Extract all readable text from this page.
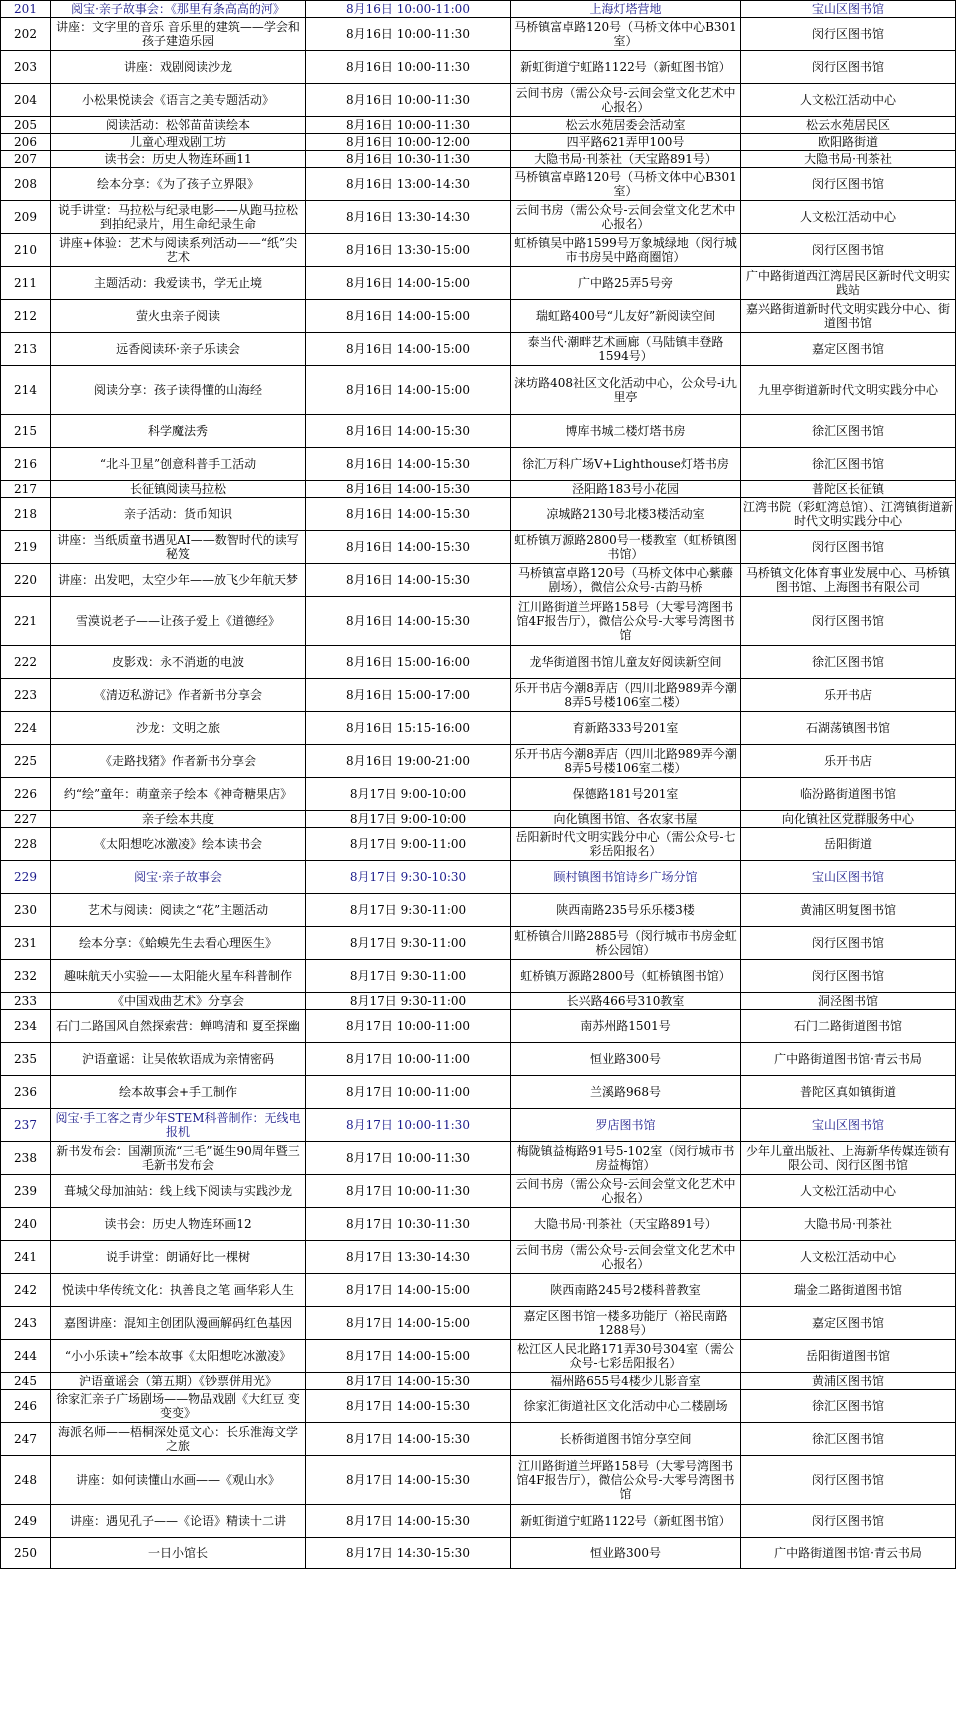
201	阅宝·亲子故事会：《那里有条高高的河》	8月16日 10:00-11:00	上海灯塔营地	宝山区图书馆
202	讲座：文字里的音乐 音乐里的建筑——学会和孩子建造乐园	8月16日 10:00-11:30	马桥镇富卓路120号（马桥文体中心B301室）	闵行区图书馆
203	讲座：戏剧阅读沙龙	8月16日 10:00-11:30	新虹街道宁虹路1122号（新虹图书馆）	闵行区图书馆
204	小松果悦读会《语言之美专题活动》	8月16日 10:00-11:30	云间书房（需公众号-云间会堂文化艺术中心报名）	人文松江活动中心
205	阅读活动：松邻苗苗读绘本	8月16日 10:00-11:30	松云水苑居委会活动室	松云水苑居民区
206	儿童心理戏剧工坊	8月16日 10:00-12:00	四平路621弄甲100号	欧阳路街道
207	读书会：历史人物连环画11	8月16日 10:30-11:30	大隐书局·刊茶社（天宝路891号）	大隐书局·刊茶社
208	绘本分享：《为了孩子立界限》	8月16日 13:00-14:30	马桥镇富卓路120号（马桥文体中心B301室）	闵行区图书馆
209	说手讲堂：马拉松与纪录电影——从跑马拉松到拍纪录片，用生命纪录生命	8月16日 13:30-14:30	云间书房（需公众号-云间会堂文化艺术中心报名）	人文松江活动中心
210	讲座+体验：艺术与阅读系列活动——“纸”尖艺术	8月16日 13:30-15:00	虹桥镇吴中路1599号万象城绿地（闵行城市书房吴中路商圈馆）	闵行区图书馆
211	主题活动：我爱读书，学无止境	8月16日 14:00-15:00	广中路25弄5号旁	广中路街道西江湾居民区新时代文明实践站
212	萤火虫亲子阅读	8月16日 14:00-15:00	瑞虹路400号“儿友好”新阅读空间	嘉兴路街道新时代文明实践分中心、街道图书馆
213	远香阅读环·亲子乐读会	8月16日 14:00-15:00	泰当代·潮畔艺术画廊（马陆镇丰登路1594号）	嘉定区图书馆
214	阅读分享：孩子读得懂的山海经	8月16日 14:00-15:00	涞坊路408社区文化活动中心，公众号-i九里亭	九里亭街道新时代文明实践分中心
215	科学魔法秀	8月16日 14:00-15:30	博库书城二楼灯塔书房	徐汇区图书馆
216	“北斗卫星”创意科普手工活动	8月16日 14:00-15:30	徐汇万科广场V+Lighthouse灯塔书房	徐汇区图书馆
217	长征镇阅读马拉松	8月16日 14:00-15:30	泾阳路183号小花园	普陀区长征镇
218	亲子活动：货币知识	8月16日 14:00-15:30	凉城路2130号北楼3楼活动室	江湾书院（彩虹湾总馆）、江湾镇街道新时代文明实践分中心
219	讲座：当纸质童书遇见AI——数智时代的读写秘笈	8月16日 14:00-15:30	虹桥镇万源路2800号一楼教室（虹桥镇图书馆）	闵行区图书馆
220	讲座：出发吧，太空少年——放飞少年航天梦	8月16日 14:00-15:30	马桥镇富卓路120号（马桥文体中心紫藤剧场），微信公众号-古韵马桥	马桥镇文化体育事业发展中心、马桥镇图书馆、上海图书有限公司
221	雪漠说老子——让孩子爱上《道德经》	8月16日 14:00-15:30	江川路街道兰坪路158号（大零号湾图书馆4F报告厅），微信公众号-大零号湾图书馆	闵行区图书馆
222	皮影戏：永不消逝的电波	8月16日 15:00-16:00	龙华街道图书馆儿童友好阅读新空间	徐汇区图书馆
223	《清迈私游记》作者新书分享会	8月16日 15:00-17:00	乐开书店今潮8弄店（四川北路989弄今潮8弄5号楼106室二楼）	乐开书店
224	沙龙：文明之旅	8月16日 15:15-16:00	育新路333号201室	石湖荡镇图书馆
225	《走路找猪》作者新书分享会	8月16日 19:00-21:00	乐开书店今潮8弄店（四川北路989弄今潮8弄5号楼106室二楼）	乐开书店
226	约“绘”童年：萌童亲子绘本《神奇糖果店》	8月17日 9:00-10:00	保德路181号201室	临汾路街道图书馆
227	亲子绘本共度	8月17日 9:00-10:00	向化镇图书馆、各农家书屋	向化镇社区党群服务中心
228	《太阳想吃冰激凌》绘本读书会	8月17日 9:00-11:00	岳阳新时代文明实践分中心（需公众号-七彩岳阳报名）	岳阳街道
229	阅宝·亲子故事会	8月17日 9:30-10:30	顾村镇图书馆诗乡广场分馆	宝山区图书馆
230	艺术与阅读：阅读之“花”主题活动	8月17日 9:30-11:00	陕西南路235号乐乐楼3楼	黄浦区明复图书馆
231	绘本分享：《蛤蟆先生去看心理医生》	8月17日 9:30-11:00	虹桥镇合川路2885号（闵行城市书房金虹桥公园馆）	闵行区图书馆
232	趣味航天小实验——太阳能火星车科普制作	8月17日 9:30-11:00	虹桥镇万源路2800号（虹桥镇图书馆）	闵行区图书馆
233	《中国戏曲艺术》分享会	8月17日 9:30-11:00	长兴路466号310教室	洞泾图书馆
234	石门二路国风自然探索营：蝉鸣清和 夏至探幽	8月17日 10:00-11:00	南苏州路1501号	石门二路街道图书馆
235	沪语童谣：让吴侬软语成为亲情密码	8月17日 10:00-11:00	恒业路300号	广中路街道图书馆·青云书局
236	绘本故事会+手工制作	8月17日 10:00-11:00	兰溪路968号	普陀区真如镇街道
237	阅宝·手工客之青少年STEM科普制作：无线电报机	8月17日 10:00-11:30	罗店图书馆	宝山区图书馆
238	新书发布会：国潮顶流“三毛”诞生90周年暨三毛新书发布会	8月17日 10:00-11:30	梅陇镇益梅路91号5-102室（闵行城市书房益梅馆）	少年儿童出版社、上海新华传媒连锁有限公司、闵行区图书馆
239	葺城父母加油站：线上线下阅读与实践沙龙	8月17日 10:00-11:30	云间书房（需公众号-云间会堂文化艺术中心报名）	人文松江活动中心
240	读书会：历史人物连环画12	8月17日 10:30-11:30	大隐书局·刊茶社（天宝路891号）	大隐书局·刊茶社
241	说手讲堂：朗诵好比一棵树	8月17日 13:30-14:30	云间书房（需公众号-云间会堂文化艺术中心报名）	人文松江活动中心
242	悦读中华传统文化：执善良之笔 画华彩人生	8月17日 14:00-15:00	陕西南路245号2楼科普教室	瑞金二路街道图书馆
243	嘉图讲座：混知主创团队漫画解码红色基因	8月17日 14:00-15:00	嘉定区图书馆一楼多功能厅（裕民南路1288号）	嘉定区图书馆
244	“小小乐读+”绘本故事《太阳想吃冰激凌》	8月17日 14:00-15:00	松江区人民北路171弄30号304室（需公众号-七彩岳阳报名）	岳阳街道图书馆
245	沪语童谣会（第五期）《钞票併用光》	8月17日 14:00-15:30	福州路655号4楼少儿影音室	黄浦区图书馆
246	徐家汇亲子广场剧场——物品戏剧《大红豆 变变变》	8月17日 14:00-15:30	徐家汇街道社区文化活动中心二楼剧场	徐汇区图书馆
247	海派名师——梧桐深处觅文心：长乐淮海文学之旅	8月17日 14:00-15:30	长桥街道图书馆分享空间	徐汇区图书馆
248	讲座：如何读懂山水画——《观山水》	8月17日 14:00-15:30	江川路街道兰坪路158号（大零号湾图书馆4F报告厅），微信公众号-大零号湾图书馆	闵行区图书馆
249	讲座：遇见孔子——《论语》精读十二讲	8月17日 14:00-15:30	新虹街道宁虹路1122号（新虹图书馆）	闵行区图书馆
250	一日小馆长	8月17日 14:30-15:30	恒业路300号	广中路街道图书馆·青云书局
